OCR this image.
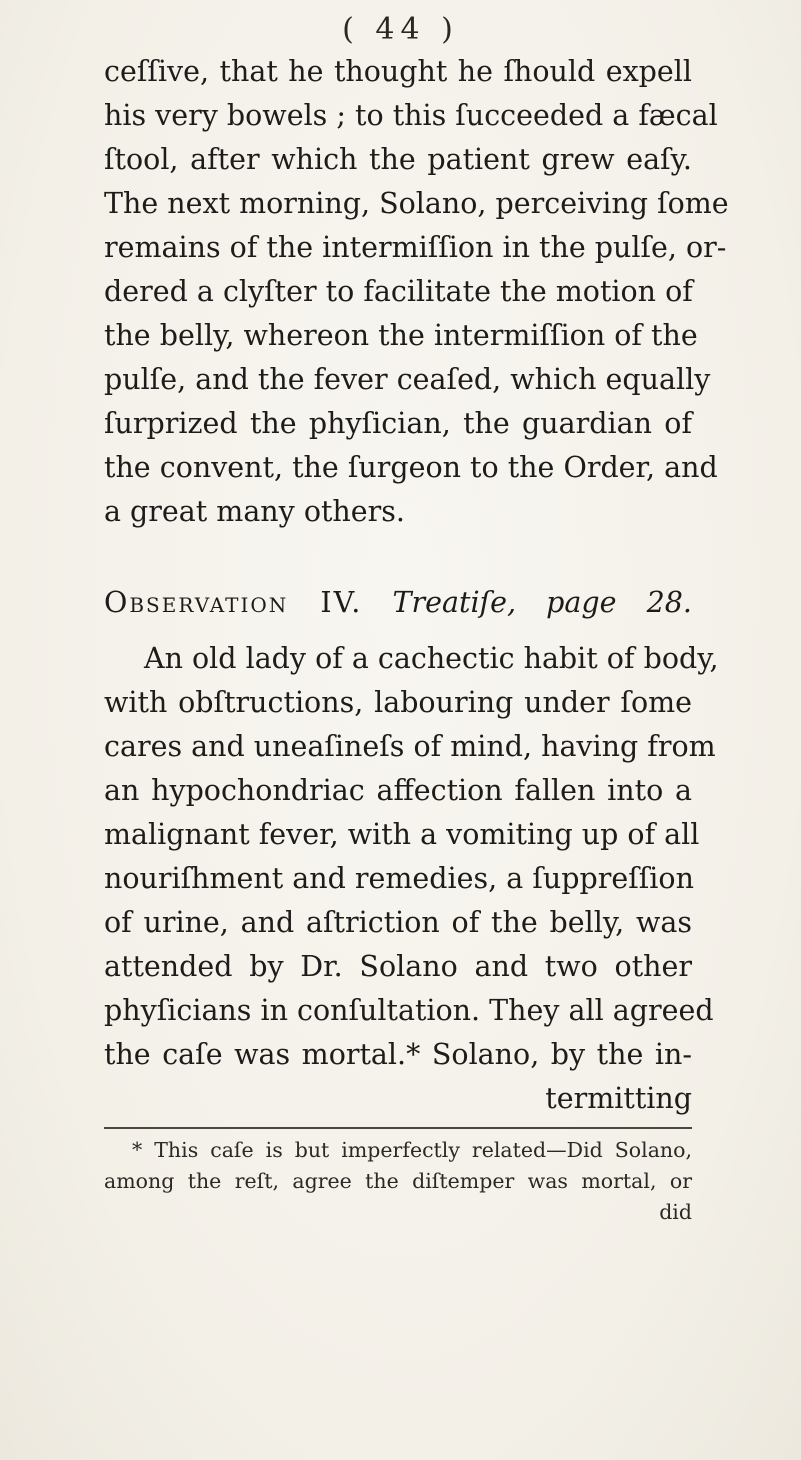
( 44 )
ceſſive, that he thought he ſhould expell
his very bowels ; to this ſucceeded a fæcal
ſtool, after which the patient grew eaſy.
The next morning, Solano, perceiving ſome
remains of the intermiſſion in the pulſe, or-
dered a clyſter to facilitate the motion of
the belly, whereon the intermiſſion of the
pulſe, and the fever ceaſed, which equally
ſurprized the phyſician, the guardian of
the convent, the ſurgeon to the Order, and
a great many others.
Observation IV. Treatiſe, page 28.
An old lady of a cachectic habit of body,
with obſtructions, labouring under ſome
cares and uneaſineſs of mind, having from
an hypochondriac affection fallen into a
malignant fever, with a vomiting up of all
nouriſhment and remedies, a ſuppreſſion
of urine, and aſtriction of the belly, was
attended by Dr. Solano and two other
phyſicians in conſultation. They all agreed
the caſe was mortal.* Solano, by the in-
termitting
* This caſe is but imperfectly related—Did Solano,
among the reſt, agree the diſtemper was mortal, or
did
